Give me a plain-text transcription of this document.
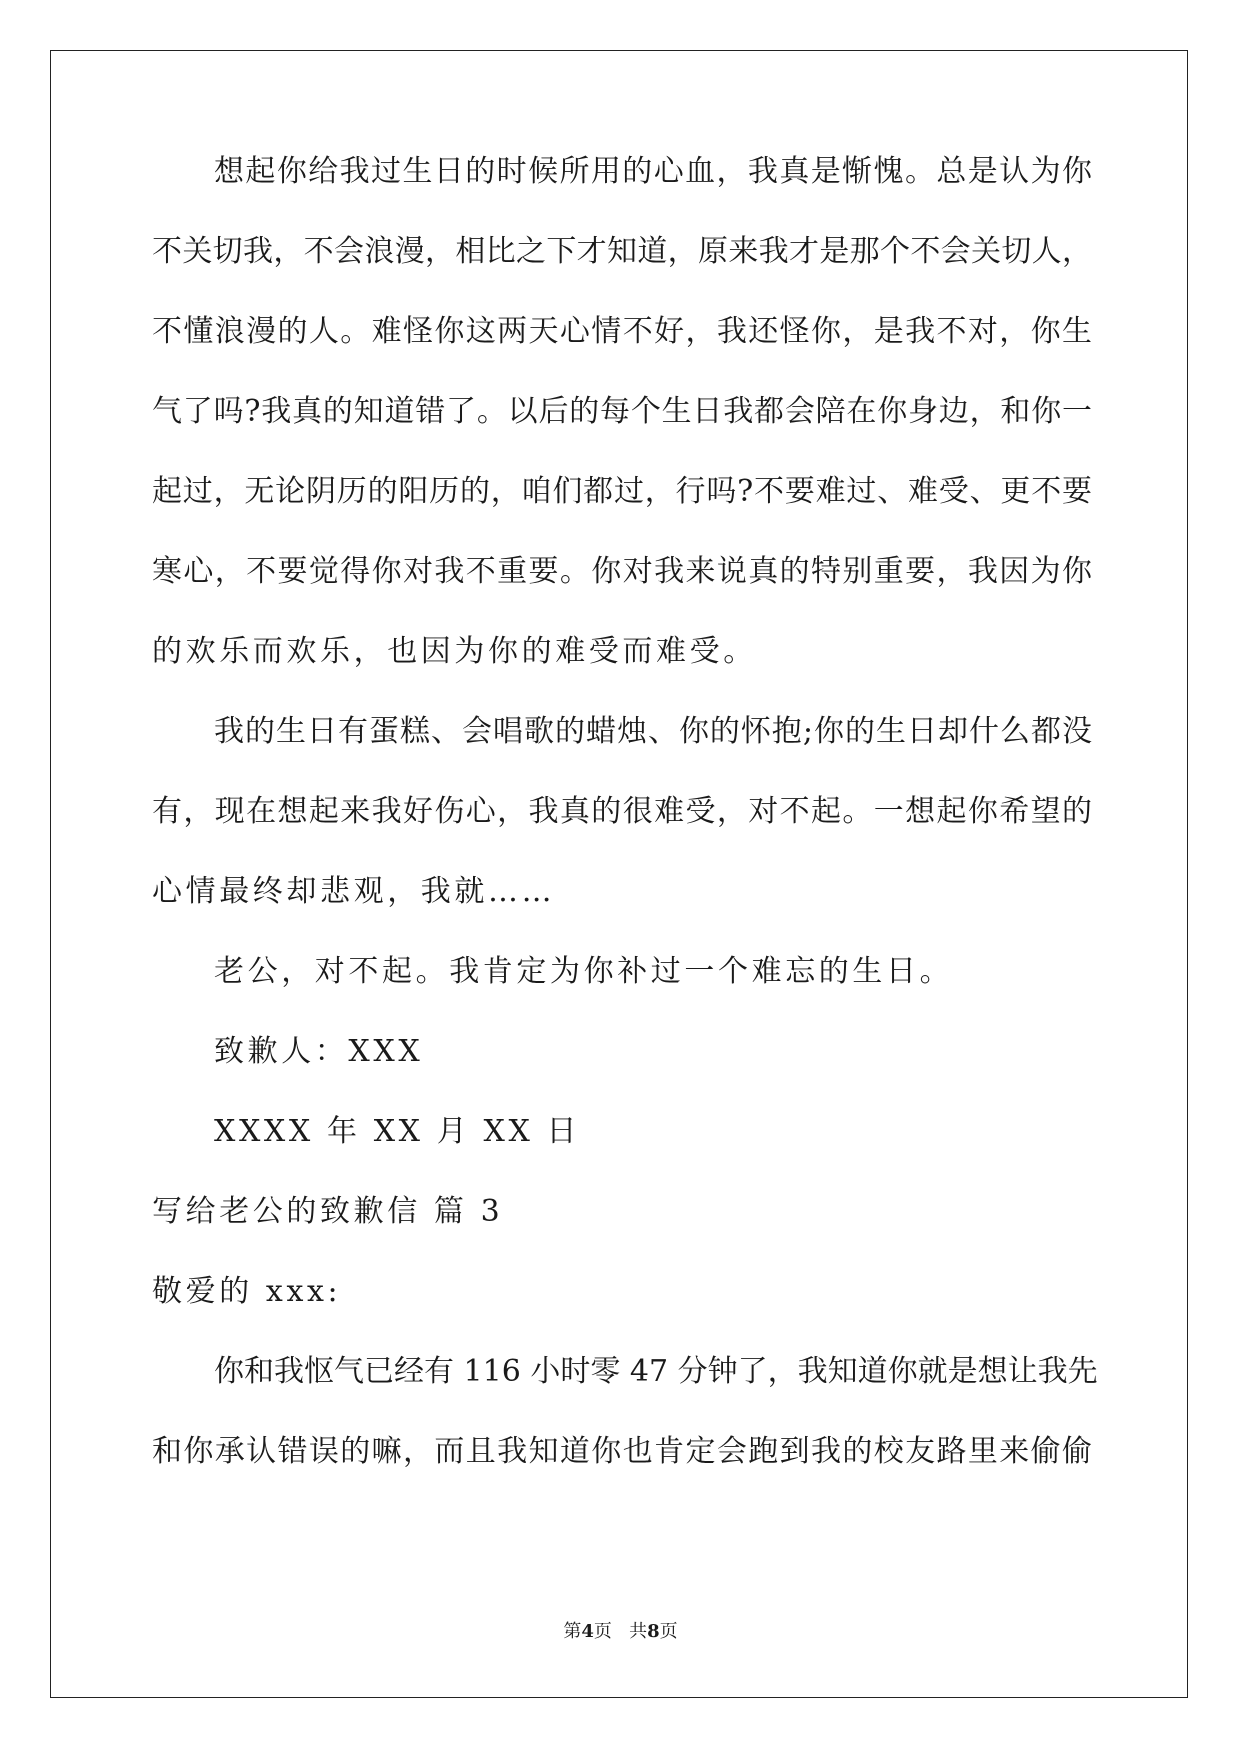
想起你给我过生日的时候所用的心血，我真是惭愧。总是认为你
不关切我，不会浪漫，相比之下才知道，原来我才是那个不会关切人，
不懂浪漫的人。难怪你这两天心情不好，我还怪你，是我不对，你生
气了吗?我真的知道错了。以后的每个生日我都会陪在你身边，和你一
起过，无论阴历的阳历的，咱们都过，行吗?不要难过、难受、更不要
寒心，不要觉得你对我不重要。你对我来说真的特别重要，我因为你
的欢乐而欢乐，也因为你的难受而难受。
我的生日有蛋糕、会唱歌的蜡烛、你的怀抱;你的生日却什么都没
有，现在想起来我好伤心，我真的很难受，对不起。一想起你希望的
心情最终却悲观，我就……
老公，对不起。我肯定为你补过一个难忘的生日。
致歉人：XXX
XXXX 年 XX 月 XX 日
写给老公的致歉信 篇 3
敬爱的 xxx:
你和我怄气已经有 116 小时零 47 分钟了，我知道你就是想让我先
和你承认错误的嘛，而且我知道你也肯定会跑到我的校友路里来偷偷
第4页   共8页
